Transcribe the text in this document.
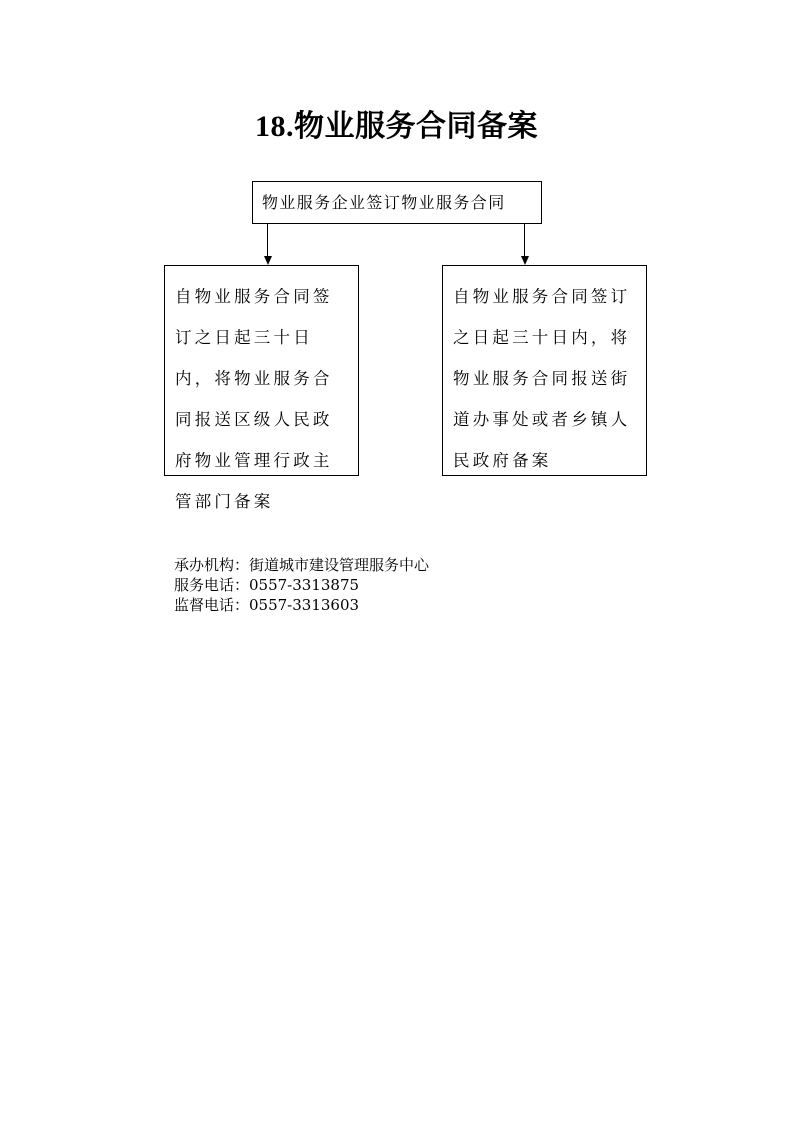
18.物业服务合同备案
物业服务企业签订物业服务合同
自物业服务合同签订之日起三十日内，将物业服务合同报送区级人民政府物业管理行政主管部门备案
自物业服务合同签订之日起三十日内，将物业服务合同报送街道办事处或者乡镇人民政府备案
承办机构：街道城市建设管理服务中心
服务电话：0557-3313875
监督电话：0557-3313603
